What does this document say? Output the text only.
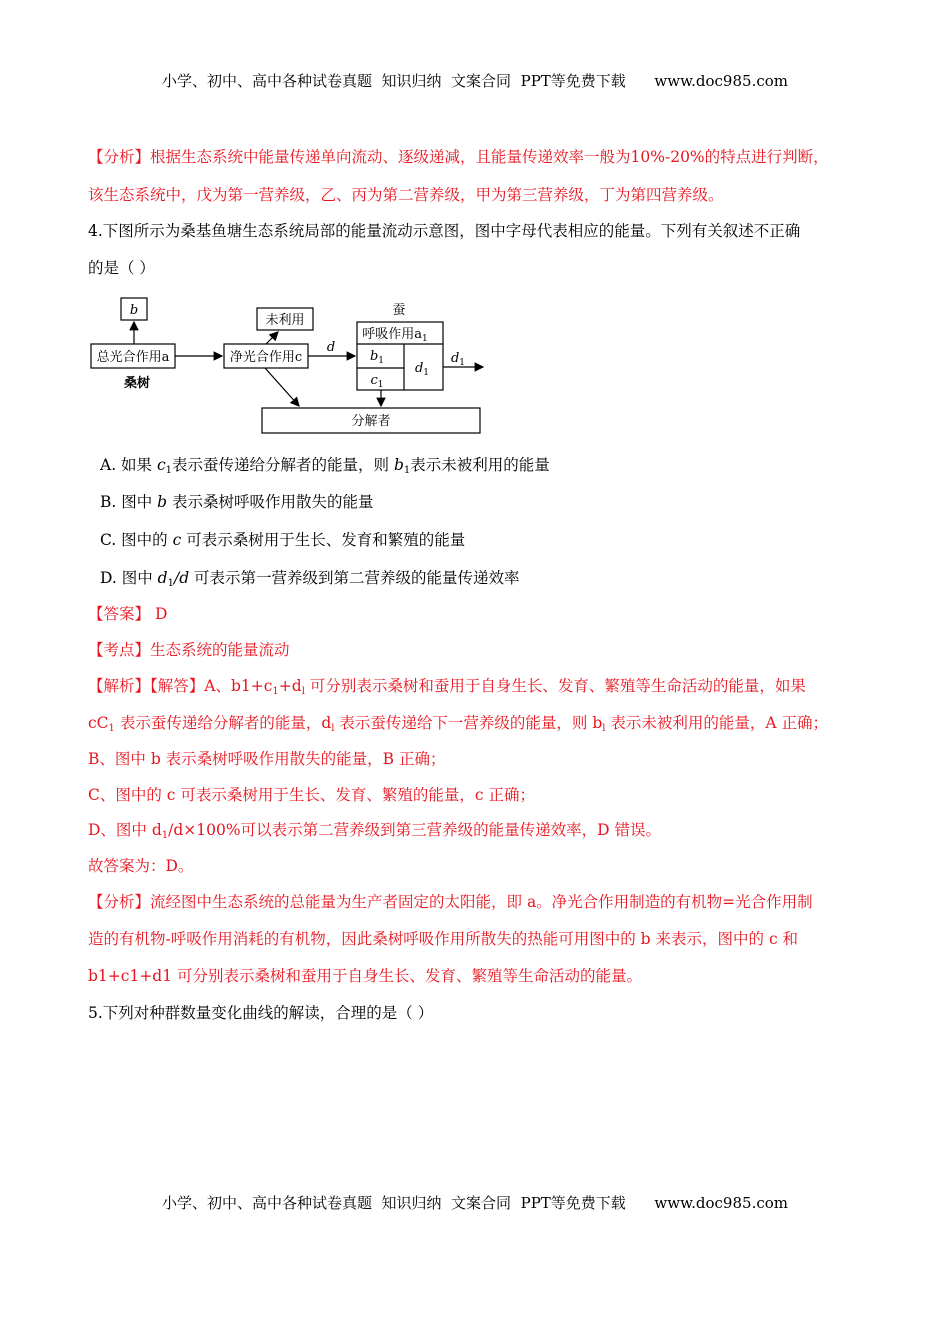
小学、初中、高中各种试卷真题  知识归纳  文案合同  PPT等免费下载      www.doc985.com
【分析】根据生态系统中能量传递单向流动、逐级递减，且能量传递效率一般为10%-20%的特点进行判断，
该生态系统中，戊为第一营养级，乙、丙为第二营养级，甲为第三营养级，丁为第四营养级。
4.下图所示为桑基鱼塘生态系统局部的能量流动示意图，图中字母代表相应的能量。下列有关叙述不正确
的是（ ）
b
总光合作用a
桑树
未利用
净光合作用c
d
蚕
呼吸作用$a_1$
$b_1$
$c_1$
$d_1$
$d_1$
分解者
A. 如果 $c_1$表示蚕传递给分解者的能量，则 $b_1$表示未被利用的能量
B. 图中 b 表示桑树呼吸作用散失的能量
C. 图中的 c 可表示桑树用于生长、发育和繁殖的能量
D. 图中 $d_1/d$ 可表示第一营养级到第二营养级的能量传递效率
【答案】 D
【考点】生态系统的能量流动
【解析】【解答】A、$b1+c_1+d_l$ 可分别表示桑树和蚕用于自身生长、发育、繁殖等生命活动的能量，如果
$cC_1$ 表示蚕传递给分解者的能量，$d_l$ 表示蚕传递给下一营养级的能量，则 $b_l$ 表示未被利用的能量，A 正确；
B、图中 b 表示桑树呼吸作用散失的能量，B 正确；
C、图中的 c 可表示桑树用于生长、发育、繁殖的能量，c 正确；
D、图中 $d_1/d\times 100\%$可以表示第二营养级到第三营养级的能量传递效率，D 错误。
故答案为：D。
【分析】流经图中生态系统的总能量为生产者固定的太阳能，即 a。净光合作用制造的有机物=光合作用制
造的有机物-呼吸作用消耗的有机物，因此桑树呼吸作用所散失的热能可用图中的 b 来表示，图中的 c 和
b1+c1+d1 可分别表示桑树和蚕用于自身生长、发育、繁殖等生命活动的能量。
5.下列对种群数量变化曲线的解读，合理的是（ ）
小学、初中、高中各种试卷真题  知识归纳  文案合同  PPT等免费下载      www.doc985.com
